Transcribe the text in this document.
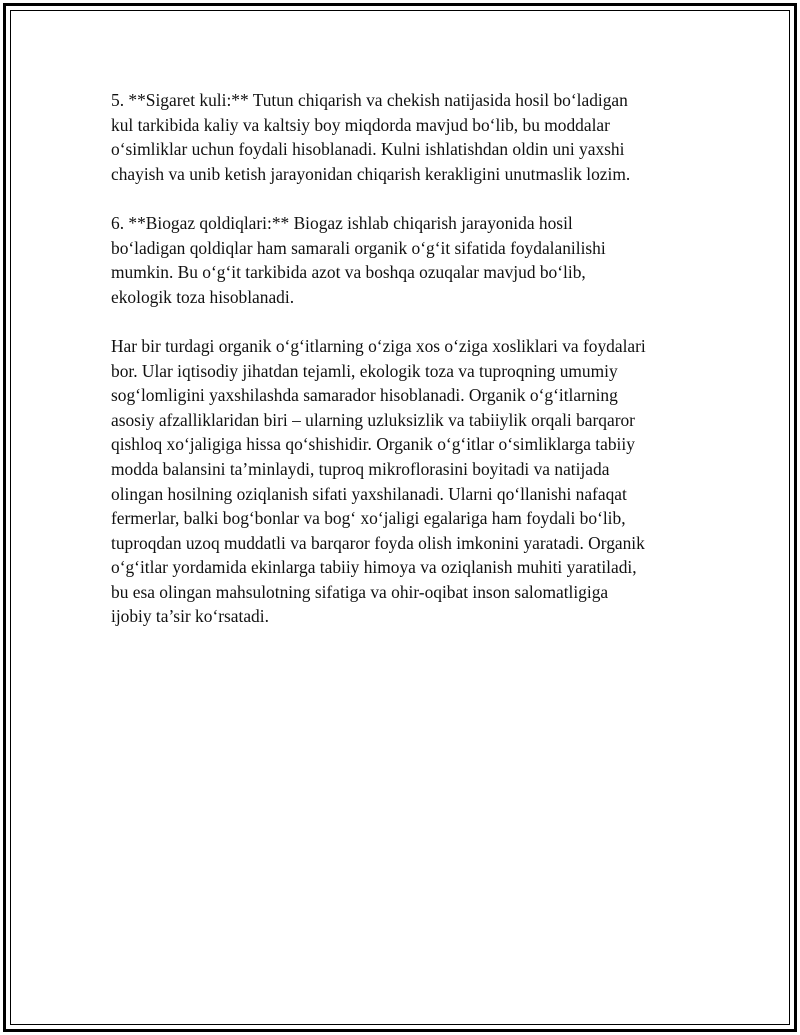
5. **Sigaret kuli:** Tutun chiqarish va chekish natijasida hosil bo‘ladigan
kul tarkibida kaliy va kaltsiy boy miqdorda mavjud bo‘lib, bu moddalar
o‘simliklar uchun foydali hisoblanadi. Kulni ishlatishdan oldin uni yaxshi
chayish va unib ketish jarayonidan chiqarish kerakligini unutmaslik lozim.

6. **Biogaz qoldiqlari:** Biogaz ishlab chiqarish jarayonida hosil
bo‘ladigan qoldiqlar ham samarali organik o‘g‘it sifatida foydalanilishi
mumkin. Bu o‘g‘it tarkibida azot va boshqa ozuqalar mavjud bo‘lib,
ekologik toza hisoblanadi.

Har bir turdagi organik o‘g‘itlarning o‘ziga xos o‘ziga xosliklari va foydalari
bor. Ular iqtisodiy jihatdan tejamli, ekologik toza va tuproqning umumiy
sog‘lomligini yaxshilashda samarador hisoblanadi. Organik o‘g‘itlarning
asosiy afzalliklaridan biri – ularning uzluksizlik va tabiiylik orqali barqaror
qishloq xo‘jaligiga hissa qo‘shishidir. Organik o‘g‘itlar o‘simliklarga tabiiy
modda balansini ta’minlaydi, tuproq mikroflorasini boyitadi va natijada
olingan hosilning oziqlanish sifati yaxshilanadi. Ularni qo‘llanishi nafaqat
fermerlar, balki bog‘bonlar va bog‘ xo‘jaligi egalariga ham foydali bo‘lib,
tuproqdan uzoq muddatli va barqaror foyda olish imkonini yaratadi. Organik
o‘g‘itlar yordamida ekinlarga tabiiy himoya va oziqlanish muhiti yaratiladi,
bu esa olingan mahsulotning sifatiga va ohir-oqibat inson salomatligiga
ijobiy ta’sir ko‘rsatadi.
